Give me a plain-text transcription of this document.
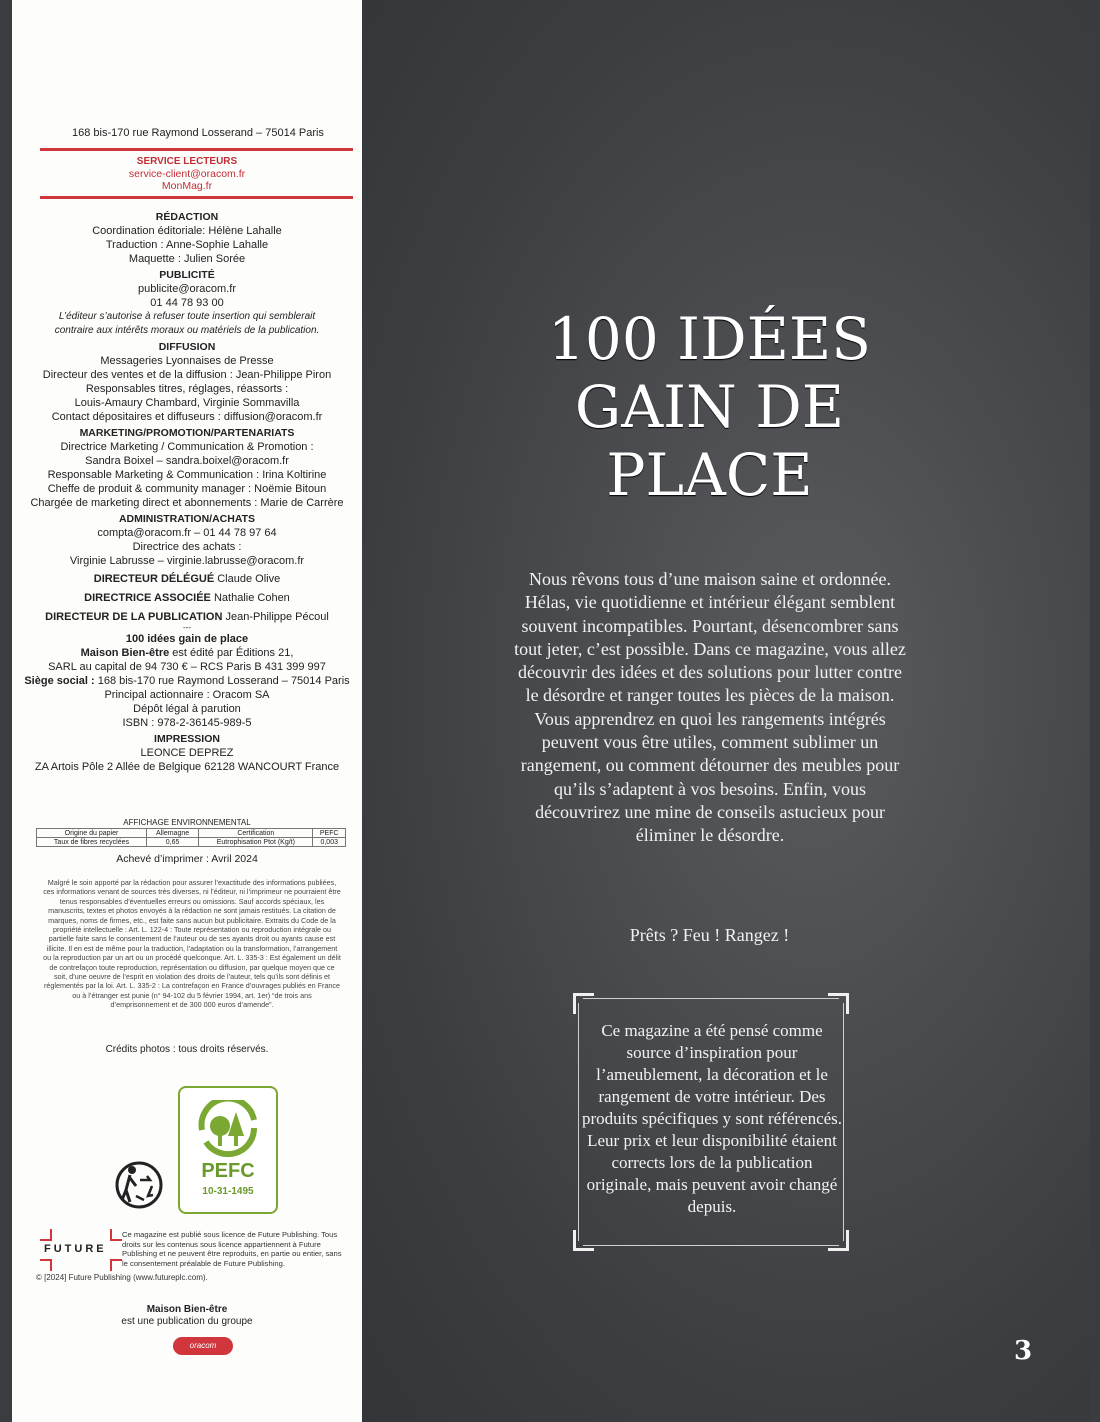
168 bis-170 rue Raymond Losserand – 75014 Paris
SERVICE LECTEURS
service-client@oracom.fr
MonMag.fr
RÉDACTION
Coordination éditoriale: Hélène Lahalle
Traduction : Anne-Sophie Lahalle
Maquette : Julien Sorée
PUBLICITÉ
publicite@oracom.fr
01 44 78 93 00
L’éditeur s’autorise à refuser toute insertion qui semblerait
contraire aux intérêts moraux ou matériels de la publication.
DIFFUSION
Messageries Lyonnaises de Presse
Directeur des ventes et de la diffusion : Jean-Philippe Piron
Responsables titres, réglages, réassorts :
Louis-Amaury Chambard, Virginie Sommavilla
Contact dépositaires et diffuseurs : diffusion@oracom.fr
MARKETING/PROMOTION/PARTENARIATS
Directrice Marketing / Communication & Promotion :
Sandra Boixel – sandra.boixel@oracom.fr
Responsable Marketing & Communication : Irina Koltirine
Cheffe de produit & community manager : Noëmie Bitoun
Chargée de marketing direct et abonnements : Marie de Carrère
ADMINISTRATION/ACHATS
compta@oracom.fr – 01 44 78 97 64
Directrice des achats :
Virginie Labrusse – virginie.labrusse@oracom.fr
DIRECTEUR DÉLÉGUÉ Claude Olive
DIRECTRICE ASSOCIÉE Nathalie Cohen
DIRECTEUR DE LA PUBLICATION Jean-Philippe Pécoul
---
100 idées gain de place
Maison Bien-être est édité par Éditions 21,
SARL au capital de 94 730 € – RCS Paris B 431 399 997
Siège social : 168 bis-170 rue Raymond Losserand – 75014 Paris
Principal actionnaire : Oracom SA
Dépôt légal à parution
ISBN : 978-2-36145-989-5
IMPRESSION
LEONCE DEPREZ
ZA Artois Pôle 2 Allée de Belgique 62128 WANCOURT France
AFFICHAGE ENVIRONNEMENTAL
Origine du papier	Allemagne	Certification	PEFC
Taux de fibres recyclées	0,65	Eutrophisation Ptot (Kg/t)	0,003
Achevé d’imprimer : Avril 2024
Malgré le soin apporté par la rédaction pour assurer l’exactitude des informations publiées, ces informations venant de sources très diverses, ni l’éditeur, ni l’imprimeur ne pourraient être tenus responsables d’éventuelles erreurs ou omissions. Sauf accords spéciaux, les manuscrits, textes et photos envoyés à la rédaction ne sont jamais restitués. La citation de marques, noms de firmes, etc., est faite sans aucun but publicitaire. Extraits du Code de la propriété intellectuelle : Art. L. 122-4 : Toute représentation ou reproduction intégrale ou partielle faite sans le consentement de l’auteur ou de ses ayants droit ou ayants cause est illicite. Il en est de même pour la traduction, l’adaptation ou la transformation, l’arrangement ou la reproduction par un art ou un procédé quelconque. Art. L. 335-3 : Est également un délit de contrefaçon toute reproduction, représentation ou diffusion, par quelque moyen que ce soit, d’une oeuvre de l’esprit en violation des droits de l’auteur, tels qu’ils sont définis et réglementés par la loi. Art. L. 335-2 : La contrefaçon en France d’ouvrages publiés en France ou à l’étranger est punie (n° 94-102 du 5 février 1994, art. 1er) “de trois ans d’emprisonnement et de 300 000 euros d’amende”.
Crédits photos : tous droits réservés.
PEFC
10-31-1495
FUTURE
Ce magazine est publié sous licence de Future Publishing. Tous droits sur les contenus sous licence appartiennent à Future Publishing et ne peuvent être reproduits, en partie ou entier, sans le consentement préalable de Future Publishing.
© [2024] Future Publishing (www.futureplc.com).
Maison Bien-être
est une publication du groupe
oracom
100 IDÉES
GAIN DE
PLACE
Nous rêvons tous d’une maison saine et ordonnée. Hélas, vie quotidienne et intérieur élégant semblent souvent incompatibles. Pourtant, désencombrer sans tout jeter, c’est possible. Dans ce magazine, vous allez découvrir des idées et des solutions pour lutter contre le désordre et ranger toutes les pièces de la maison. Vous apprendrez en quoi les rangements intégrés peuvent vous être utiles, comment sublimer un rangement, ou comment détourner des meubles pour qu’ils s’adaptent à vos besoins. Enfin, vous découvrirez une mine de conseils astucieux pour éliminer le désordre.
Prêts ? Feu ! Rangez !
Ce magazine a été pensé comme source d’inspiration pour l’ameublement, la décoration et le rangement de votre intérieur. Des produits spécifiques y sont référencés. Leur prix et leur disponibilité étaient corrects lors de la publication originale, mais peuvent avoir changé depuis.
3
